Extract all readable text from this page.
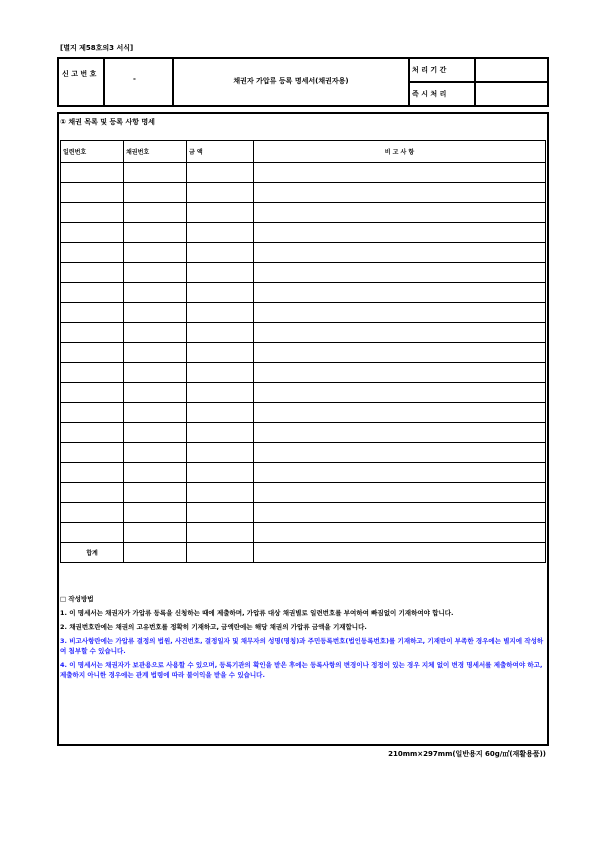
[별지 제58호의3 서식]
신 고 번 호
-	채권자 가압류 등록 명세서(채권자용)
처 리 기 간
즉 시 처 리
① 채권 목록 및 등록 사항 명세
일련번호	채권번호	금 액	비 고 사 항

합계			

□ 작성방법

1. 이 명세서는 채권자가 가압류 등록을 신청하는 때에 제출하며, 가압류 대상 채권별로 일련번호를 부여하여 빠짐없이 기재하여야 합니다.

2. 채권번호란에는 채권의 고유번호를 정확히 기재하고, 금액란에는 해당 채권의 가압류 금액을 기재합니다.

3. 비고사항란에는 가압류 결정의 법원, 사건번호, 결정일자 및 채무자의 성명(명칭)과 주민등록번호(법인등록번호)를 기재하고, 기재란이 부족한 경우에는 별지에 작성하여 첨부할 수 있습니다.

4. 이 명세서는 채권자가 보관용으로 사용할 수 있으며, 등록기관의 확인을 받은 후에는 등록사항의 변경이나 정정이 있는 경우 지체 없이 변경 명세서를 제출하여야 하고, 제출하지 아니한 경우에는 관계 법령에 따라 불이익을 받을 수 있습니다.

210mm×297mm(일반용지 60g/㎡(재활용품))
